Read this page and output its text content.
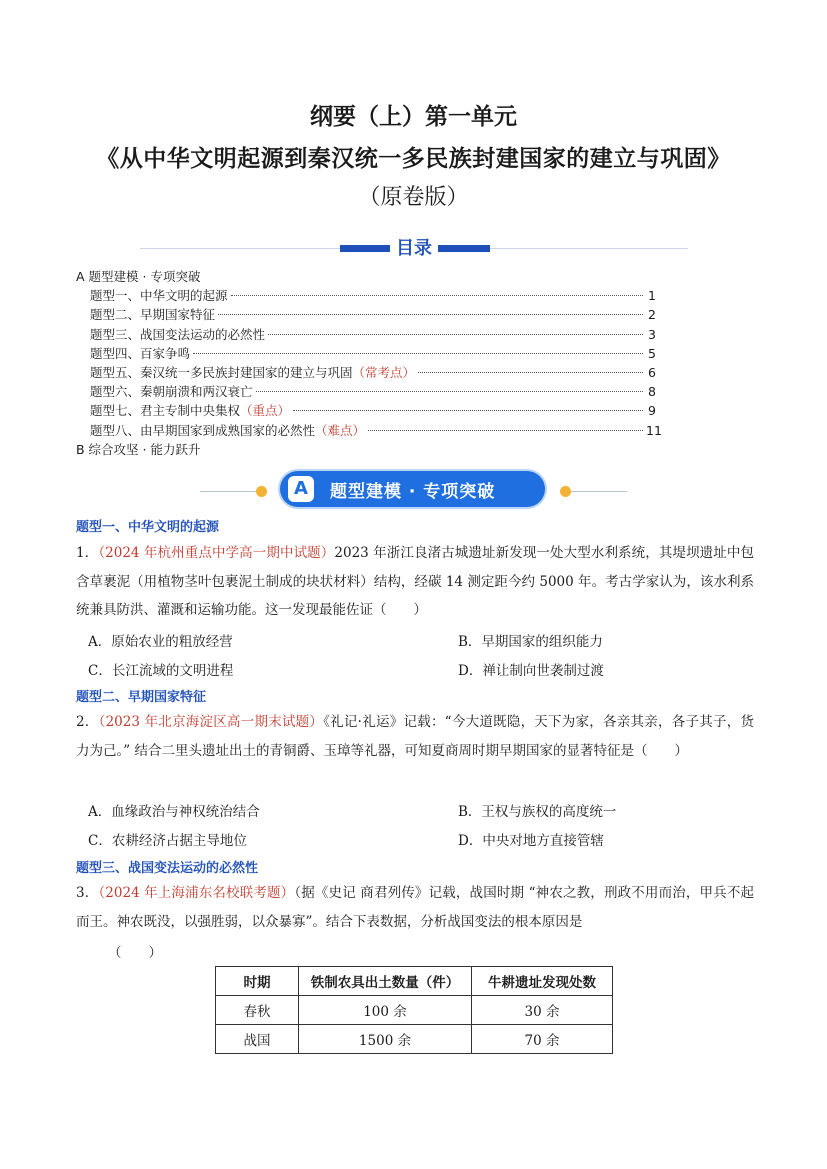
纲要（上）第一单元
《从中华文明起源到秦汉统一多民族封建国家的建立与巩固》
（原卷版）
目录
A 题型建模 · 专项突破
题型一、中华文明的起源	1
题型二、早期国家特征	2
题型三、战国变法运动的必然性	3
题型四、百家争鸣	5
题型五、秦汉统一多民族封建国家的建立与巩固（常考点）	6
题型六、秦朝崩溃和两汉衰亡	8
题型七、君主专制中央集权（重点）	9
题型八、由早期国家到成熟国家的必然性（难点）	11
B 综合攻坚 · 能力跃升
A	题型建模 · 专项突破
题型一、中华文明的起源
1．（2024 年杭州重点中学高一期中试题）2023 年浙江良渚古城遗址新发现一处大型水利系统，其堤坝遗址中包含草裹泥（用植物茎叶包裹泥土制成的块状材料）结构，经碳 14 测定距今约 5000 年。考古学家认为，该水利系统兼具防洪、灌溉和运输功能。这一发现最能佐证（　　）
A．原始农业的粗放经营	B．早期国家的组织能力
C．长江流域的文明进程	D．禅让制向世袭制过渡
题型二、早期国家特征
2．（2023 年北京海淀区高一期末试题）《礼记·礼运》记载：“今大道既隐，天下为家，各亲其亲，各子其子，货力为己。” 结合二里头遗址出土的青铜爵、玉璋等礼器，可知夏商周时期早期国家的显著特征是（　　）
A．血缘政治与神权统治结合	B．王权与族权的高度统一
C．农耕经济占据主导地位	D．中央对地方直接管辖
题型三、战国变法运动的必然性
3．（2024 年上海浦东名校联考题）（据《史记 商君列传》记载，战国时期 “神农之教，刑政不用而治，甲兵不起而王。神农既没，以强胜弱，以众暴寡”。结合下表数据，分析战国变法的根本原因是
（　　）
时期	铁制农具出土数量（件）	牛耕遗址发现处数
春秋	100 余	30 余
战国	1500 余	70 余
